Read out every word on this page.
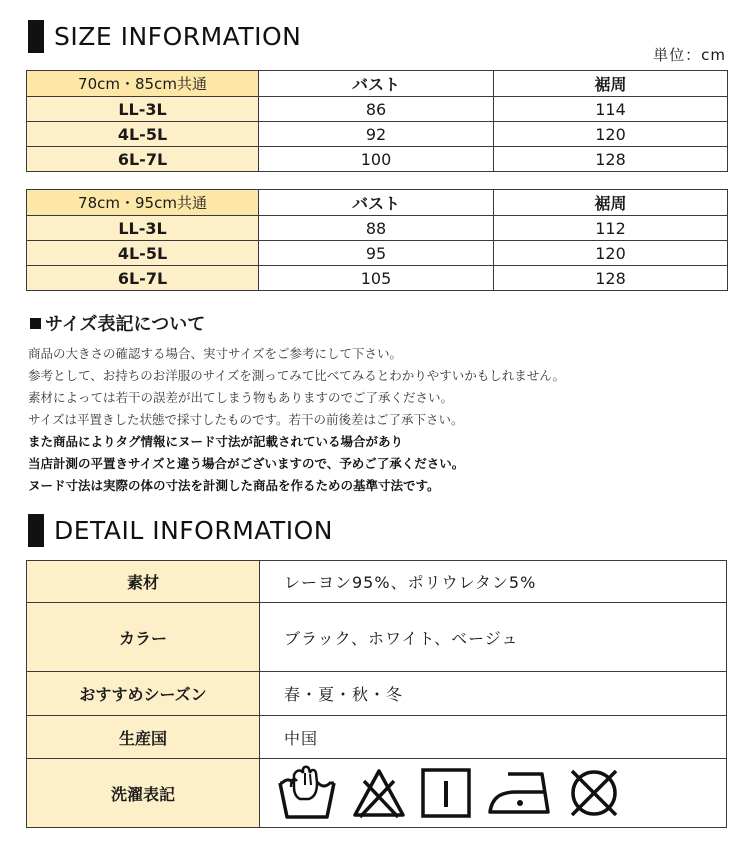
SIZE INFORMATION
単位：cm
70cm・85cm共通	バスト	裾周
LL-3L	86	114
4L-5L	92	120
6L-7L	100	128
78cm・95cm共通	バスト	裾周
LL-3L	88	112
4L-5L	95	120
6L-7L	105	128
サイズ表記について
商品の大きさの確認する場合、実寸サイズをご参考にして下さい。
参考として、お持ちのお洋服のサイズを測ってみて比べてみるとわかりやすいかもしれません。
素材によっては若干の誤差が出てしまう物もありますのでご了承ください。
サイズは平置きした状態で採寸したものです。若干の前後差はご了承下さい。
また商品によりタグ情報にヌード寸法が記載されている場合があり
当店計測の平置きサイズと違う場合がございますので、予めご了承ください。
ヌード寸法は実際の体の寸法を計測した商品を作るための基準寸法です。
DETAIL INFORMATION
素材	レーヨン95%、ポリウレタン5%
カラー	ブラック、ホワイト、ベージュ
おすすめシーズン	春・夏・秋・冬
生産国	中国
洗濯表記	
